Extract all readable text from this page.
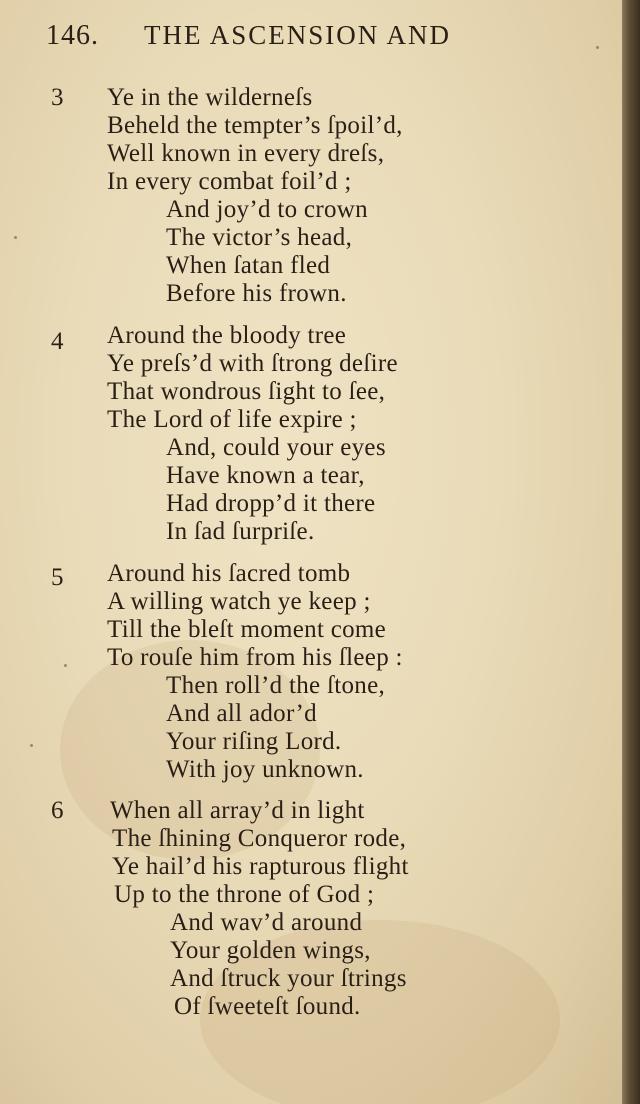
146. THE ASCENSION AND
3 Ye in the wilderneſs
Beheld the tempter’s ſpoil’d,
Well known in every dreſs,
In every combat foil’d ;
And joy’d to crown
The victor’s head,
When ſatan fled
Before his frown.
4 Around the bloody tree
Ye preſs’d with ſtrong deſire
That wondrous ſight to ſee,
The Lord of life expire ;
And, could your eyes
Have known a tear,
Had dropp’d it there
In ſad ſurpriſe.
5 Around his ſacred tomb
A willing watch ye keep ;
Till the bleſt moment come
To rouſe him from his ſleep :
Then roll’d the ſtone,
And all ador’d
Your riſing Lord.
With joy unknown.
6 When all array’d in light
The ſhining Conqueror rode,
Ye hail’d his rapturous flight
Up to the throne of God ;
And wav’d around
Your golden wings,
And ſtruck your ſtrings
Of ſweeteſt ſound.
